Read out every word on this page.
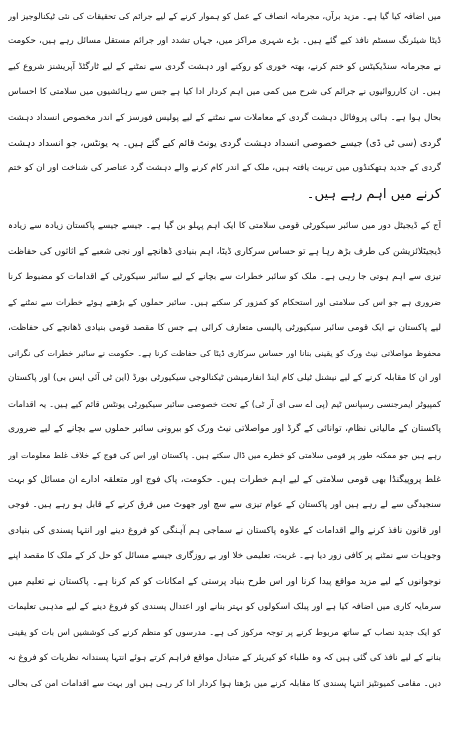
میں اضافہ کیا گیا ہے۔ مزید برآں، مجرمانہ انصاف کے عمل کو ہموار کرنے کے لیے جرائم کی تحقیقات کی نئی ٹیکنالوجیز اور
ڈیٹا شیئرنگ سسٹم نافذ کیے گئے ہیں۔ بڑے شہری مراکز میں، جہاں تشدد اور جرائم مستقل مسائل رہے ہیں، حکومت
نے مجرمانہ سنڈیکیٹس کو ختم کرنے، بھتہ خوری کو روکنے اور دہشت گردی سے نمٹنے کے لیے ٹارگٹڈ آپریشنز شروع کیے
ہیں۔ ان کارروائیوں نے جرائم کی شرح میں کمی میں اہم کردار ادا کیا ہے جس سے رہائشیوں میں سلامتی کا احساس
بحال ہوا ہے۔ ہائی پروفائل دہشت گردی کے معاملات سے نمٹنے کے لیے پولیس فورسز کے اندر مخصوص انسداد دہشت
گردی (سی ٹی ڈی) جیسے خصوصی انسداد دہشت گردی یونٹ قائم کیے گئے ہیں۔ یہ یونٹس، جو انسداد دہشت
گردی کے جدید ہتھکنڈوں میں تربیت یافتہ ہیں، ملک کے اندر کام کرنے والے دہشت گرد عناصر کی شناخت اور ان کو ختم
کرنے میں اہم رہے ہیں۔

آج کے ڈیجیٹل دور میں سائبر سیکورٹی قومی سلامتی کا ایک اہم پہلو بن گیا ہے۔ جیسے جیسے پاکستان زیادہ سے زیادہ
ڈیجیٹلائزیشن کی طرف بڑھ رہا ہے تو حساس سرکاری ڈیٹا، اہم بنیادی ڈھانچے اور نجی شعبے کے اثاثوں کی حفاظت
تیزی سے اہم ہوتی جا رہی ہے۔ ملک کو سائبر خطرات سے بچانے کے لیے سائبر سیکورٹی کے اقدامات کو مضبوط کرنا
ضروری ہے جو اس کی سلامتی اور استحکام کو کمزور کر سکتے ہیں۔ سائبر حملوں کے بڑھتے ہوئے خطرات سے نمٹنے کے
لیے پاکستان نے ایک قومی سائبر سیکیورٹی پالیسی متعارف کرائی ہے جس کا مقصد قومی بنیادی ڈھانچے کی حفاظت،
محفوظ مواصلاتی نیٹ ورک کو یقینی بنانا اور حساس سرکاری ڈیٹا کی حفاظت کرنا ہے۔ حکومت نے سائبر خطرات کی نگرانی
اور ان کا مقابلہ کرنے کے لیے نیشنل ٹیلی کام اینڈ انفارمیشن ٹیکنالوجی سیکیورٹی بورڈ (این ٹی آئی ایس بی) اور پاکستان
کمپیوٹر ایمرجنسی رسپانس ٹیم (پی اے سی ای آر ٹی) کے تحت خصوصی سائبر سیکیورٹی یونٹس قائم کیے ہیں۔ یہ اقدامات
پاکستان کے مالیاتی نظام، توانائی کے گرڈ اور مواصلاتی نیٹ ورک کو بیرونی سائبر حملوں سے بچانے کے لیے ضروری
رہے ہیں جو ممکنہ طور پر قومی سلامتی کو خطرے میں ڈال سکتے ہیں۔ پاکستان اور اس کی فوج کے خلاف غلط معلومات اور
غلط پروپیگنڈا بھی قومی سلامتی کے لیے اہم خطرات ہیں۔ حکومت، پاک فوج اور متعلقہ ادارے ان مسائل کو بہت
سنجیدگی سے لے رہے ہیں اور پاکستان کے عوام تیزی سے سچ اور جھوٹ میں فرق کرنے کے قابل ہو رہے ہیں۔ فوجی
اور قانون نافذ کرنے والے اقدامات کے علاوہ پاکستان نے سماجی ہم آہنگی کو فروغ دینے اور انتہا پسندی کی بنیادی
وجوہات سے نمٹنے پر کافی زور دیا ہے۔ غربت، تعلیمی خلا اور بے روزگاری جیسے مسائل کو حل کر کے ملک کا مقصد اپنے
نوجوانوں کے لیے مزید مواقع پیدا کرنا اور اس طرح بنیاد پرستی کے امکانات کو کم کرنا ہے۔ پاکستان نے تعلیم میں
سرمایہ کاری میں اضافہ کیا ہے اور پبلک اسکولوں کو بہتر بنانے اور اعتدال پسندی کو فروغ دینے کے لیے مذہبی تعلیمات
کو ایک جدید نصاب کے ساتھ مربوط کرنے پر توجہ مرکوز کی ہے۔ مدرسوں کو منظم کرنے کی کوششیں اس بات کو یقینی
بنانے کے لیے نافذ کی گئی ہیں کہ وہ طلباء کو کیریئر کے متبادل مواقع فراہم کرتے ہوئے انتہا پسندانہ نظریات کو فروغ نہ
دیں۔ مقامی کمیونٹیز انتہا پسندی کا مقابلہ کرنے میں بڑھتا ہوا کردار ادا کر رہی ہیں اور بہت سے اقدامات امن کی بحالی
